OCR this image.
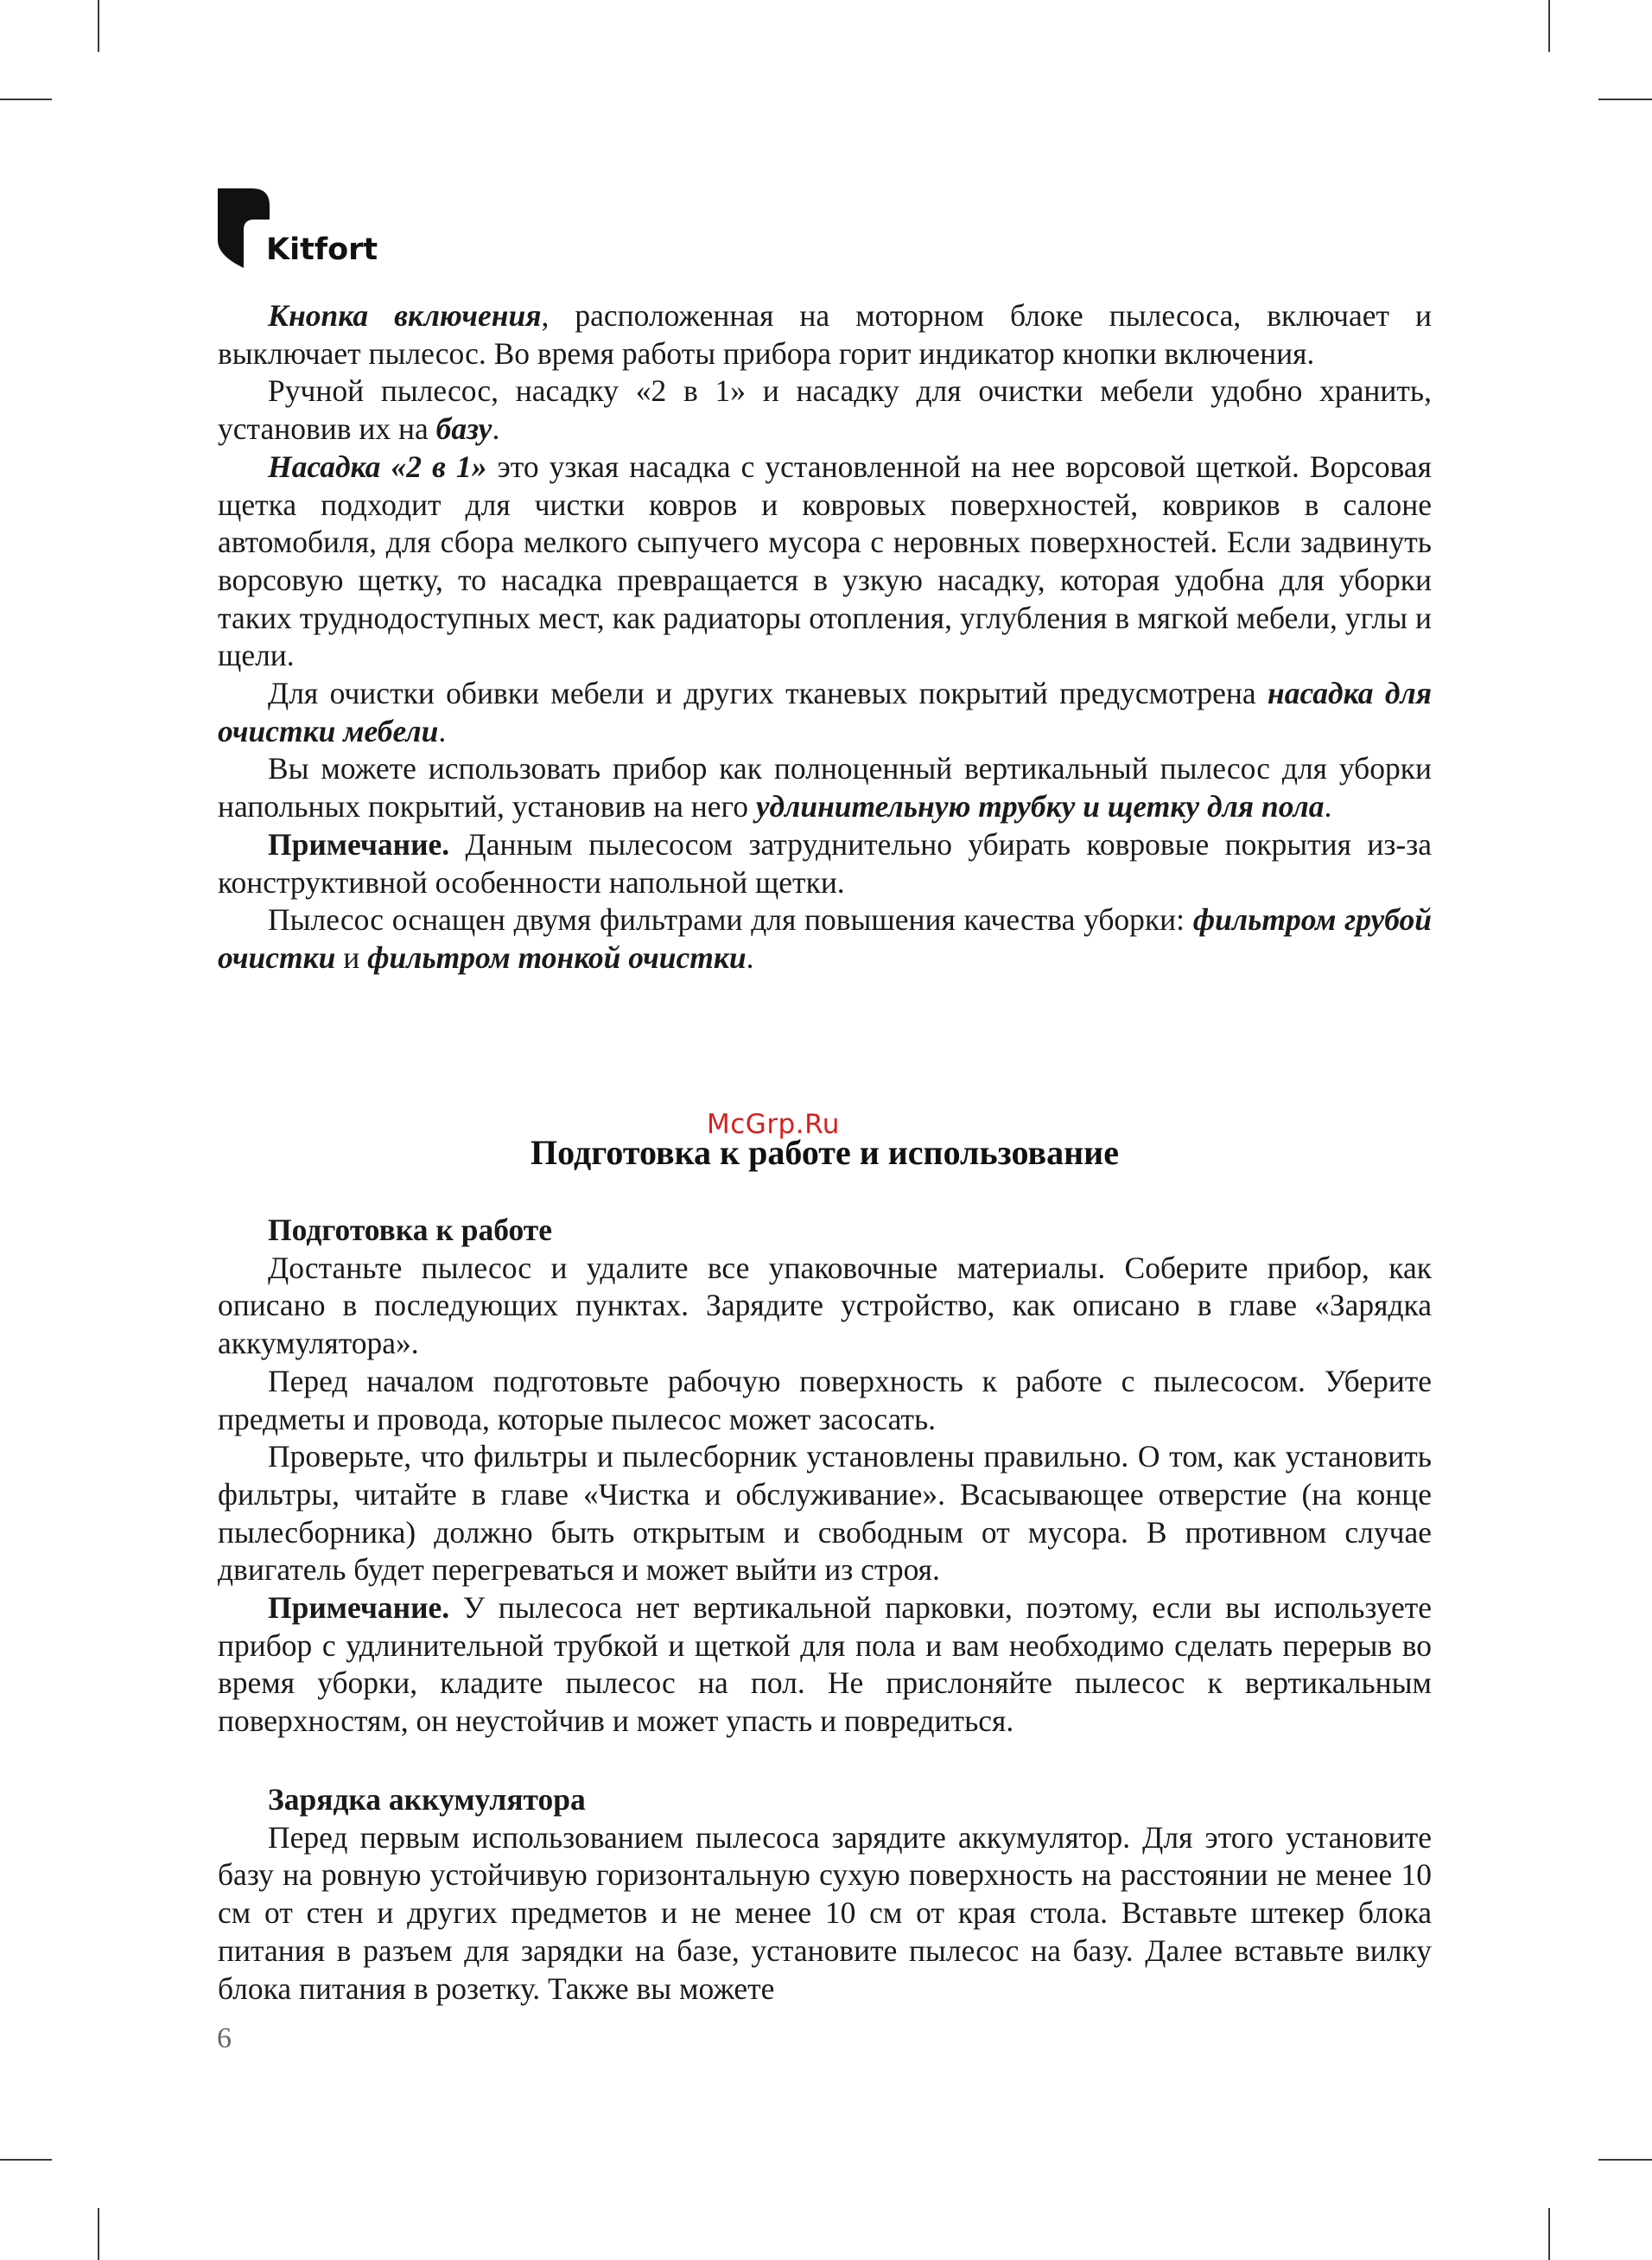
Kitfort

Кнопка включения, расположенная на моторном блоке пылесоса, включает и выключает пылесос. Во время работы прибора горит индикатор кнопки включения.

Ручной пылесос, насадку «2 в 1» и насадку для очистки мебели удобно хранить, установив их на базу.

Насадка «2 в 1» это узкая насадка с установленной на нее ворсовой щеткой. Ворсовая щетка подходит для чистки ковров и ковровых поверхностей, ковриков в салоне автомобиля, для сбора мелкого сыпучего мусора с неровных поверхностей. Если задвинуть ворсовую щетку, то насадка превращается в узкую насадку, которая удобна для уборки таких труднодоступных мест, как радиаторы отопления, углубления в мягкой мебели, углы и щели.

Для очистки обивки мебели и других тканевых покрытий предусмотрена насадка для очистки мебели.

Вы можете использовать прибор как полноценный вертикальный пылесос для уборки напольных покрытий, установив на него удлинительную трубку и щетку для пола.

Примечание. Данным пылесосом затруднительно убирать ковровые покрытия из-за конструктивной особенности напольной щетки.

Пылесос оснащен двумя фильтрами для повышения качества уборки: фильтром грубой очистки и фильтром тонкой очистки.

Подготовка к работе и использование
McGrp.Ru

Подготовка к работе

Достаньте пылесос и удалите все упаковочные материалы. Соберите прибор, как описано в последующих пунктах. Зарядите устройство, как описано в главе «Зарядка аккумулятора».

Перед началом подготовьте рабочую поверхность к работе с пылесосом. Уберите предметы и провода, которые пылесос может засосать.

Проверьте, что фильтры и пылесборник установлены правильно. О том, как установить фильтры, читайте в главе «Чистка и обслуживание». Всасывающее отверстие (на конце пылесборника) должно быть открытым и свободным от мусора. В противном случае двигатель будет перегреваться и может выйти из строя.

Примечание. У пылесоса нет вертикальной парковки, поэтому, если вы используете прибор с удлинительной трубкой и щеткой для пола и вам необходимо сделать перерыв во время уборки, кладите пылесос на пол. Не прислоняйте пылесос к вертикальным поверхностям, он неустойчив и может упасть и повредиться.

Зарядка аккумулятора

Перед первым использованием пылесоса зарядите аккумулятор. Для этого установите базу на ровную устойчивую горизонтальную сухую поверхность на расстоянии не менее 10 см от стен и других предметов и не менее 10 см от края стола. Вставьте штекер блока питания в разъем для зарядки на базе, установите пылесос на базу. Далее вставьте вилку блока питания в розетку. Также вы можете

6
